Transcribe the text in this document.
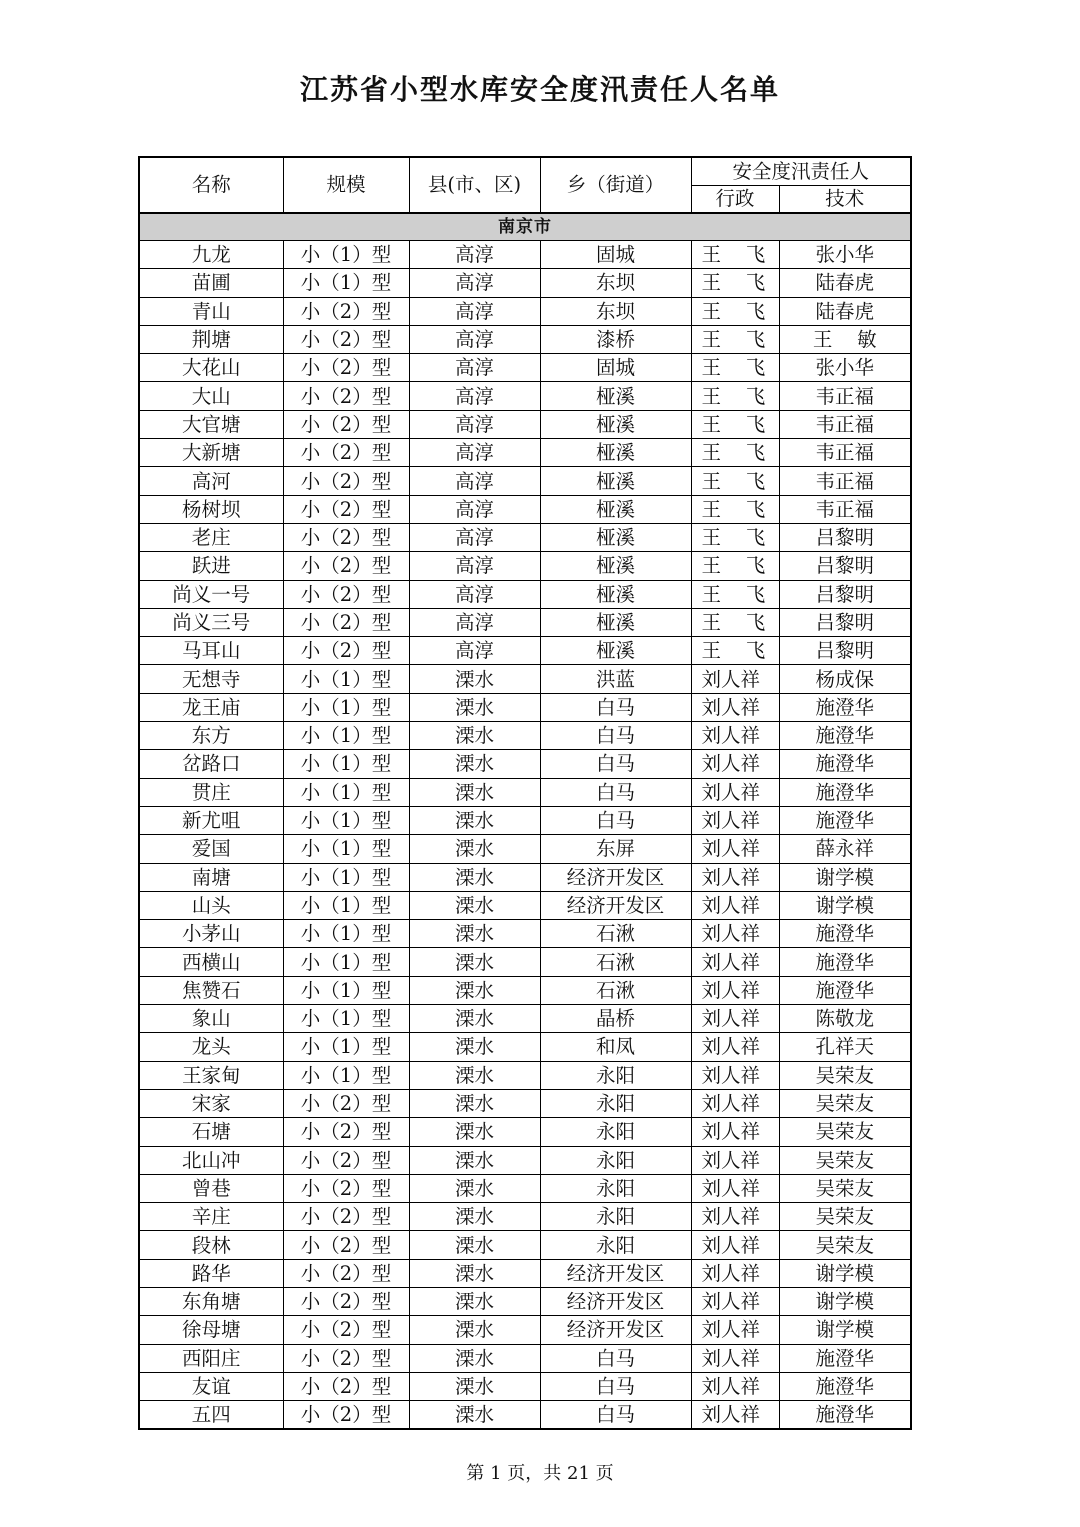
江苏省小型水库安全度汛责任人名单
名称	规模	县(市、区)	乡（街道）	安全度汛责任人	
				行政	技术
南京市					
九龙	小（1）型	高淳	固城	王    飞	张小华
苗圃	小（1）型	高淳	东坝	王    飞	陆春虎
青山	小（2）型	高淳	东坝	王    飞	陆春虎
荆塘	小（2）型	高淳	漆桥	王    飞	王    敏
大花山	小（2）型	高淳	固城	王    飞	张小华
大山	小（2）型	高淳	桠溪	王    飞	韦正福
大官塘	小（2）型	高淳	桠溪	王    飞	韦正福
大新塘	小（2）型	高淳	桠溪	王    飞	韦正福
高河	小（2）型	高淳	桠溪	王    飞	韦正福
杨树坝	小（2）型	高淳	桠溪	王    飞	韦正福
老庄	小（2）型	高淳	桠溪	王    飞	吕黎明
跃进	小（2）型	高淳	桠溪	王    飞	吕黎明
尚义一号	小（2）型	高淳	桠溪	王    飞	吕黎明
尚义三号	小（2）型	高淳	桠溪	王    飞	吕黎明
马耳山	小（2）型	高淳	桠溪	王    飞	吕黎明
无想寺	小（1）型	溧水	洪蓝	刘人祥	杨成保
龙王庙	小（1）型	溧水	白马	刘人祥	施澄华
东方	小（1）型	溧水	白马	刘人祥	施澄华
岔路口	小（1）型	溧水	白马	刘人祥	施澄华
贯庄	小（1）型	溧水	白马	刘人祥	施澄华
新尤咀	小（1）型	溧水	白马	刘人祥	施澄华
爱国	小（1）型	溧水	东屏	刘人祥	薛永祥
南塘	小（1）型	溧水	经济开发区	刘人祥	谢学模
山头	小（1）型	溧水	经济开发区	刘人祥	谢学模
小茅山	小（1）型	溧水	石湫	刘人祥	施澄华
西横山	小（1）型	溧水	石湫	刘人祥	施澄华
焦赞石	小（1）型	溧水	石湫	刘人祥	施澄华
象山	小（1）型	溧水	晶桥	刘人祥	陈敬龙
龙头	小（1）型	溧水	和凤	刘人祥	孔祥天
王家甸	小（1）型	溧水	永阳	刘人祥	吴荣友
宋家	小（2）型	溧水	永阳	刘人祥	吴荣友
石塘	小（2）型	溧水	永阳	刘人祥	吴荣友
北山冲	小（2）型	溧水	永阳	刘人祥	吴荣友
曾巷	小（2）型	溧水	永阳	刘人祥	吴荣友
辛庄	小（2）型	溧水	永阳	刘人祥	吴荣友
段林	小（2）型	溧水	永阳	刘人祥	吴荣友
路华	小（2）型	溧水	经济开发区	刘人祥	谢学模
东角塘	小（2）型	溧水	经济开发区	刘人祥	谢学模
徐母塘	小（2）型	溧水	经济开发区	刘人祥	谢学模
西阳庄	小（2）型	溧水	白马	刘人祥	施澄华
友谊	小（2）型	溧水	白马	刘人祥	施澄华
五四	小（2）型	溧水	白马	刘人祥	施澄华
第 1 页，共 21 页
